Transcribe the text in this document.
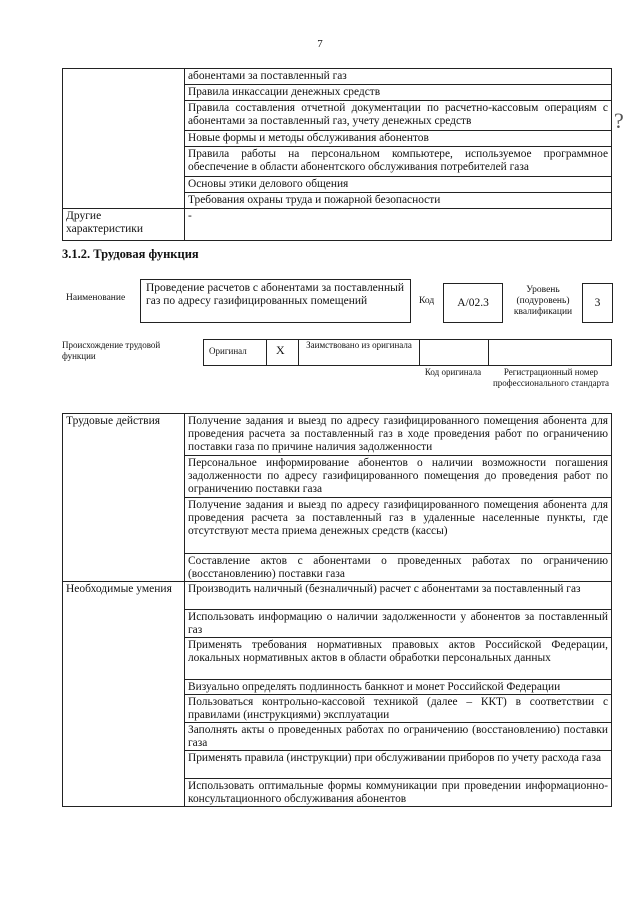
7

	абонентами за поставленный газ

	Правила инкассации денежных средств

	Правила составления отчетной документации по расчетно-кассовым операциям с абонентами за поставленный газ, учету денежных средств

	Новые формы и методы обслуживания абонентов

	Правила работы на персональном компьютере, используемое программное обеспечение в области абонентского обслуживания потребителей газа

	Основы этики делового общения

	Требования охраны труда и пожарной безопасности

Другие характеристики	-
?
3.1.2. Трудовая функция
Наименование
Проведение расчетов с абонентами за поставленный газ по адресу газифицированных помещений	Код	A/02.3
Уровень (подуровень) квалификации
3
Происхождение трудовой функции	Оригинал X	Заимствовано из оригинала
Код оригинала	Регистрационный номер профессионального стандарта
Трудовые действия	Получение задания и выезд по адресу газифицированного помещения абонента для проведения расчета за поставленный газ в ходе проведения работ по ограничению поставки газа по причине наличия задолженности

	Персональное информирование абонентов о наличии возможности погашения задолженности по адресу газифицированного помещения до проведения работ по ограничению поставки газа

	Получение задания и выезд по адресу газифицированного помещения абонента для проведения расчета за поставленный газ в удаленные населенные пункты, где отсутствуют места приема денежных средств (кассы)

	Составление актов с абонентами о проведенных работах по ограничению (восстановлению) поставки газа

Необходимые умения	Производить наличный (безналичный) расчет с абонентами за поставленный газ

	Использовать информацию о наличии задолженности у абонентов за поставленный газ

	Применять требования нормативных правовых актов Российской Федерации, локальных нормативных актов в области обработки персональных данных

	Визуально определять подлинность банкнот и монет Российской Федерации

	Пользоваться контрольно-кассовой техникой (далее – ККТ) в соответствии с правилами (инструкциями) эксплуатации

	Заполнять акты о проведенных работах по ограничению (восстановлению) поставки газа

	Применять правила (инструкции) при обслуживании приборов по учету расхода газа

	Использовать оптимальные формы коммуникации при проведении информационно-консультационного обслуживания абонентов
